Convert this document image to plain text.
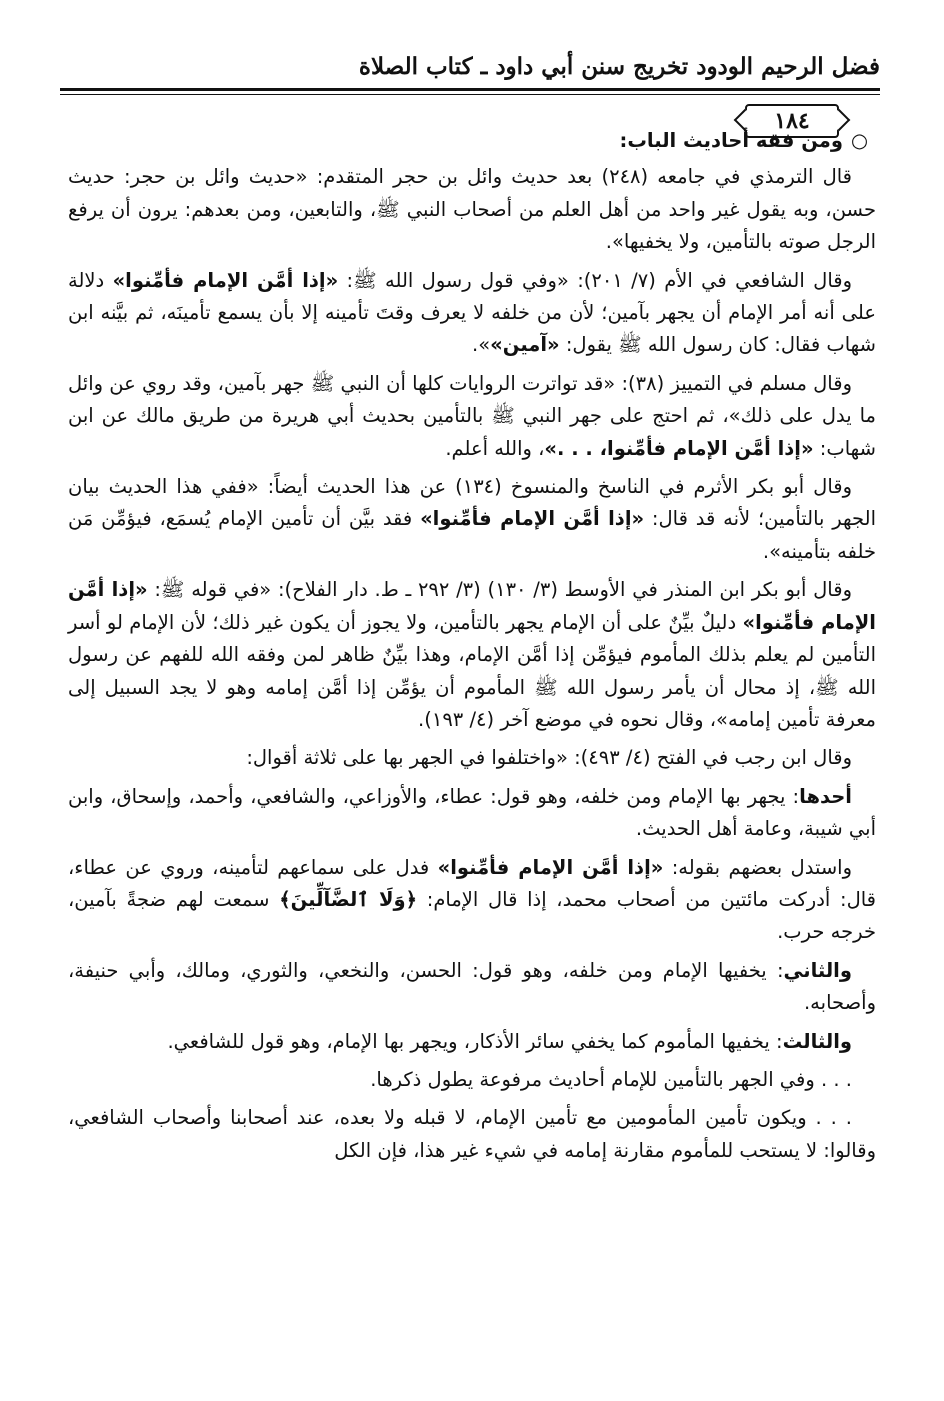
فضل الرحيم الودود تخريج سنن أبي داود ـ كتاب الصلاة
١٨٤

○ومن فقه أحاديث الباب:

قال الترمذي في جامعه (٢٤٨) بعد حديث وائل بن حجر المتقدم: «حديث وائل بن حجر: حديث حسن، وبه يقول غير واحد من أهل العلم من أصحاب النبي ﷺ، والتابعين، ومن بعدهم: يرون أن يرفع الرجل صوته بالتأمين، ولا يخفيها».

وقال الشافعي في الأم (٧/ ٢٠١): «وفي قول رسول الله ﷺ: «إذا أمَّن الإمام فأمِّنوا» دلالة على أنه أمر الإمام أن يجهر بآمين؛ لأن من خلفه لا يعرف وقتَ تأمينه إلا بأن يسمع تأمينَه، ثم بيَّنه ابن شهاب فقال: كان رسول الله ﷺ يقول: «آمين»».

وقال مسلم في التمييز (٣٨): «قد تواترت الروايات كلها أن النبي ﷺ جهر بآمين، وقد روي عن وائل ما يدل على ذلك»، ثم احتج على جهر النبي ﷺ بالتأمين بحديث أبي هريرة من طريق مالك عن ابن شهاب: «إذا أمَّن الإمام فأمِّنوا، . . .»، والله أعلم.

وقال أبو بكر الأثرم في الناسخ والمنسوخ (١٣٤) عن هذا الحديث أيضاً: «ففي هذا الحديث بيان الجهر بالتأمين؛ لأنه قد قال: «إذا أمَّن الإمام فأمِّنوا» فقد بيَّن أن تأمين الإمام يُسمَع، فيؤمِّن مَن خلفه بتأمينه».

وقال أبو بكر ابن المنذر في الأوسط (٣/ ١٣٠) (٣/ ٢٩٢ ـ ط. دار الفلاح): «في قوله ﷺ: «إذا أمَّن الإمام فأمِّنوا» دليلٌ بيِّنٌ على أن الإمام يجهر بالتأمين، ولا يجوز أن يكون غير ذلك؛ لأن الإمام لو أسر التأمين لم يعلم بذلك المأموم فيؤمِّن إذا أمَّن الإمام، وهذا بيِّنٌ ظاهر لمن وفقه الله للفهم عن رسول الله ﷺ، إذ محال أن يأمر رسول الله ﷺ المأموم أن يؤمِّن إذا أمَّن إمامه وهو لا يجد السبيل إلى معرفة تأمين إمامه»، وقال نحوه في موضع آخر (٤/ ١٩٣).

وقال ابن رجب في الفتح (٤/ ٤٩٣): «واختلفوا في الجهر بها على ثلاثة أقوال:

أحدها: يجهر بها الإمام ومن خلفه، وهو قول: عطاء، والأوزاعي، والشافعي، وأحمد، وإسحاق، وابن أبي شيبة، وعامة أهل الحديث.

واستدل بعضهم بقوله: «إذا أمَّن الإمام فأمِّنوا» فدل على سماعهم لتأمينه، وروي عن عطاء، قال: أدركت مائتين من أصحاب محمد، إذا قال الإمام: ﴿وَلَا ٱلضَّآلِّينَ﴾ سمعت لهم ضجةً بآمين، خرجه حرب.

والثاني: يخفيها الإمام ومن خلفه، وهو قول: الحسن، والنخعي، والثوري، ومالك، وأبي حنيفة، وأصحابه.

والثالث: يخفيها المأموم كما يخفي سائر الأذكار، ويجهر بها الإمام، وهو قول للشافعي.

. . . وفي الجهر بالتأمين للإمام أحاديث مرفوعة يطول ذكرها.

. . . ويكون تأمين المأمومين مع تأمين الإمام، لا قبله ولا بعده، عند أصحابنا وأصحاب الشافعي، وقالوا: لا يستحب للمأموم مقارنة إمامه في شيء غير هذا، فإن الكل
